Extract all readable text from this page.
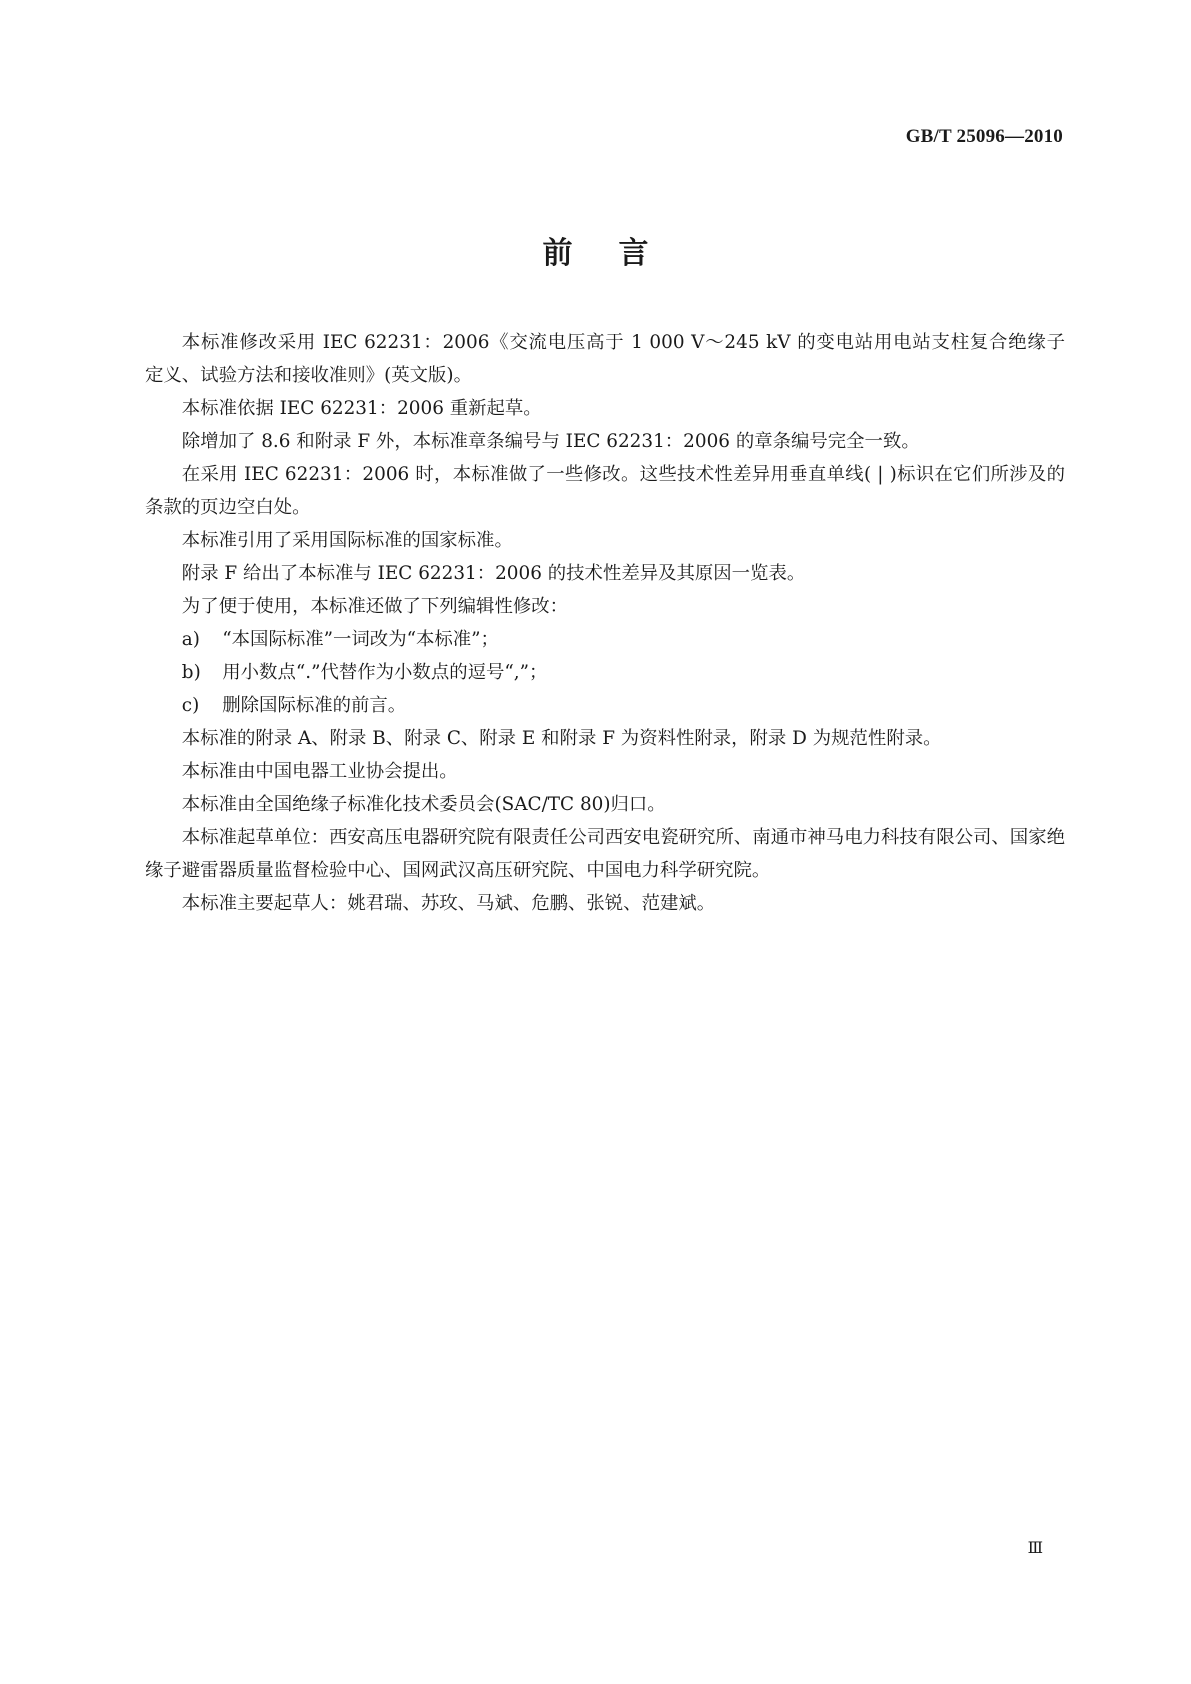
GB/T 25096—2010
前言

本标准修改采用 IEC 62231：2006《交流电压高于 1 000 V～245 kV 的变电站用电站支柱复合绝缘子　定义、试验方法和接收准则》(英文版)。

本标准依据 IEC 62231：2006 重新起草。

除增加了 8.6 和附录 F 外，本标准章条编号与 IEC 62231：2006 的章条编号完全一致。

在采用 IEC 62231：2006 时，本标准做了一些修改。这些技术性差异用垂直单线( | )标识在它们所涉及的条款的页边空白处。

本标准引用了采用国际标准的国家标准。

附录 F 给出了本标准与 IEC 62231：2006 的技术性差异及其原因一览表。

为了便于使用，本标准还做了下列编辑性修改：

a) “本国际标准”一词改为“本标准”；

b) 用小数点“.”代替作为小数点的逗号“,”；

c) 删除国际标准的前言。

本标准的附录 A、附录 B、附录 C、附录 E 和附录 F 为资料性附录，附录 D 为规范性附录。

本标准由中国电器工业协会提出。

本标准由全国绝缘子标准化技术委员会(SAC/TC 80)归口。

本标准起草单位：西安高压电器研究院有限责任公司西安电瓷研究所、南通市神马电力科技有限公司、国家绝缘子避雷器质量监督检验中心、国网武汉高压研究院、中国电力科学研究院。

本标准主要起草人：姚君瑞、苏玫、马斌、危鹏、张锐、范建斌。

Ⅲ
